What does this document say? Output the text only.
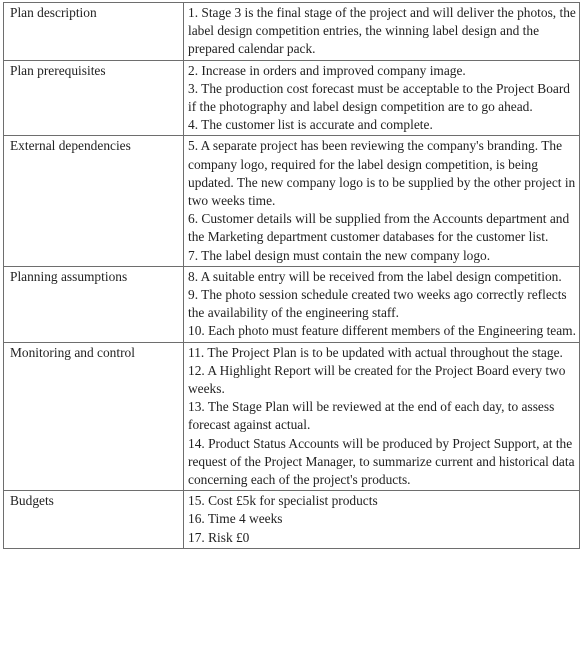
Plan description	1. Stage 3 is the final stage of the project and will deliver the photos, the label design competition entries, the winning label design and the prepared calendar pack.

Plan prerequisites	2. Increase in orders and improved company image.
3. The production cost forecast must be acceptable to the Project Board if the photography and label design competition are to go ahead.
4. The customer list is accurate and complete.

External dependencies	5. A separate project has been reviewing the company's branding. The company logo, required for the label design competition, is being updated. The new company logo is to be supplied by the other project in two weeks time.
6. Customer details will be supplied from the Accounts department and the Marketing department customer databases for the customer list.
7. The label design must contain the new company logo.

Planning assumptions	8. A suitable entry will be received from the label design competition.
9. The photo session schedule created two weeks ago correctly reflects the availability of the engineering staff.
10. Each photo must feature different members of the Engineering team.

Monitoring and control	11. The Project Plan is to be updated with actual throughout the stage.
12. A Highlight Report will be created for the Project Board every two weeks.
13. The Stage Plan will be reviewed at the end of each day, to assess forecast against actual.
14. Product Status Accounts will be produced by Project Support, at the request of the Project Manager, to summarize current and historical data concerning each of the project's products.

Budgets	15. Cost £5k for specialist products
16. Time 4 weeks
17. Risk £0
